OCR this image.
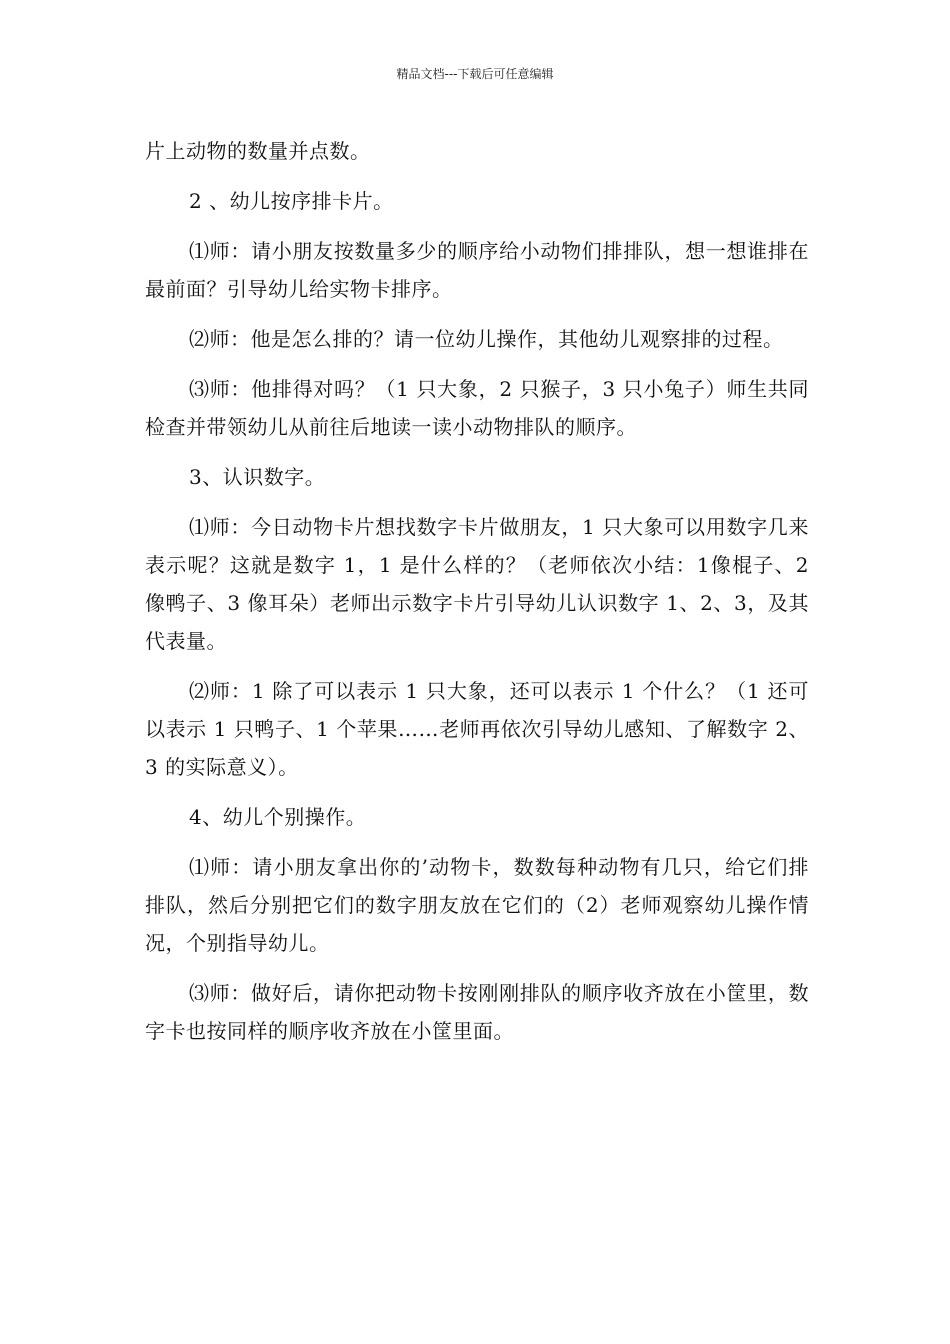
精品文档---下载后可任意编辑

片上动物的数量并点数。

2 、幼儿按序排卡片。

⑴师：请小朋友按数量多少的顺序给小动物们排排队，想一想谁排在最前面？引导幼儿给实物卡排序。

⑵师：他是怎么排的？请一位幼儿操作，其他幼儿观察排的过程。

⑶师：他排得对吗？（1 只大象，2 只猴子，3 只小兔子）师生共同检查并带领幼儿从前往后地读一读小动物排队的顺序。

3、认识数字。

⑴师：今日动物卡片想找数字卡片做朋友，1 只大象可以用数字几来表示呢？这就是数字 1，1 是什么样的？（老师依次小结：1像棍子、2 像鸭子、3 像耳朵）老师出示数字卡片引导幼儿认识数字 1、2、3，及其代表量。

⑵师：1 除了可以表示 1 只大象，还可以表示 1 个什么？（1 还可以表示 1 只鸭子、1 个苹果……老师再依次引导幼儿感知、了解数字 2、3 的实际意义）。

4、幼儿个别操作。

⑴师：请小朋友拿出你的’动物卡，数数每种动物有几只，给它们排排队，然后分别把它们的数字朋友放在它们的（2）老师观察幼儿操作情况，个别指导幼儿。

⑶师：做好后，请你把动物卡按刚刚排队的顺序收齐放在小筐里，数字卡也按同样的顺序收齐放在小筐里面。
